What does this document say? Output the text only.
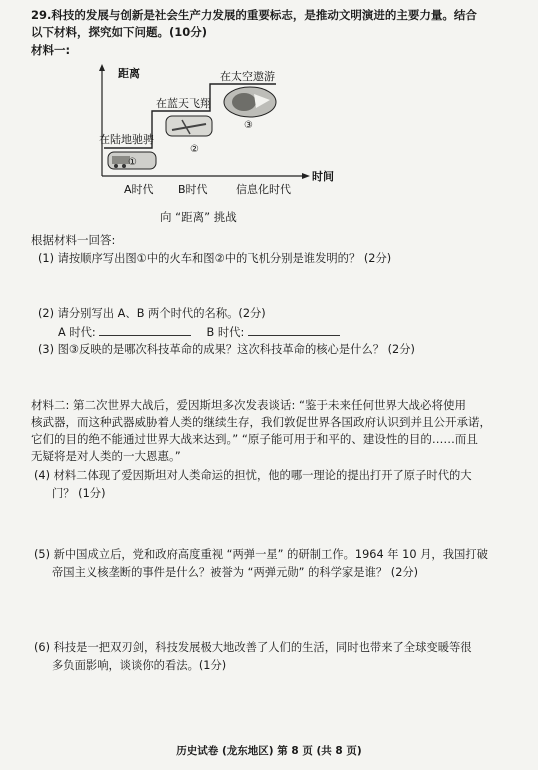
29.科技的发展与创新是社会生产力发展的重要标志，是推动文明演进的主要力量。结合
以下材料，探究如下问题。(10分)
材料一:
距离
时间
在陆地驰骋
在蓝天飞翔
在太空遨游
①
②
③
A时代 B时代	信息化时代
向 “距离” 挑战
根据材料一回答:
(1) 请按顺序写出图①中的火车和图②中的飞机分别是谁发明的？ (2分)
(2) 请分别写出 A、B 两个时代的名称。(2分)
A 时代:	B 时代:
(3) 图③反映的是哪次科技革命的成果？这次科技革命的核心是什么？ (2分)
材料二: 第二次世界大战后，爱因斯坦多次发表谈话: “鉴于未来任何世界大战必将使用
核武器，而这种武器威胁着人类的继续生存，我们敦促世界各国政府认识到并且公开承诺，
它们的目的绝不能通过世界大战来达到。” “原子能可用于和平的、建设性的目的……而且
无疑将是对人类的一大恩惠。”
(4) 材料二体现了爱因斯坦对人类命运的担忧，他的哪一理论的提出打开了原子时代的大
门？ (1分)
(5) 新中国成立后，党和政府高度重视 “两弹一星” 的研制工作。1964 年 10 月，我国打破
帝国主义核垄断的事件是什么？被誉为 “两弹元勋” 的科学家是谁？ (2分)
(6) 科技是一把双刃剑，科技发展极大地改善了人们的生活，同时也带来了全球变暖等很
多负面影响，谈谈你的看法。(1分)
历史试卷 (龙东地区) 第 8 页 (共 8 页)
